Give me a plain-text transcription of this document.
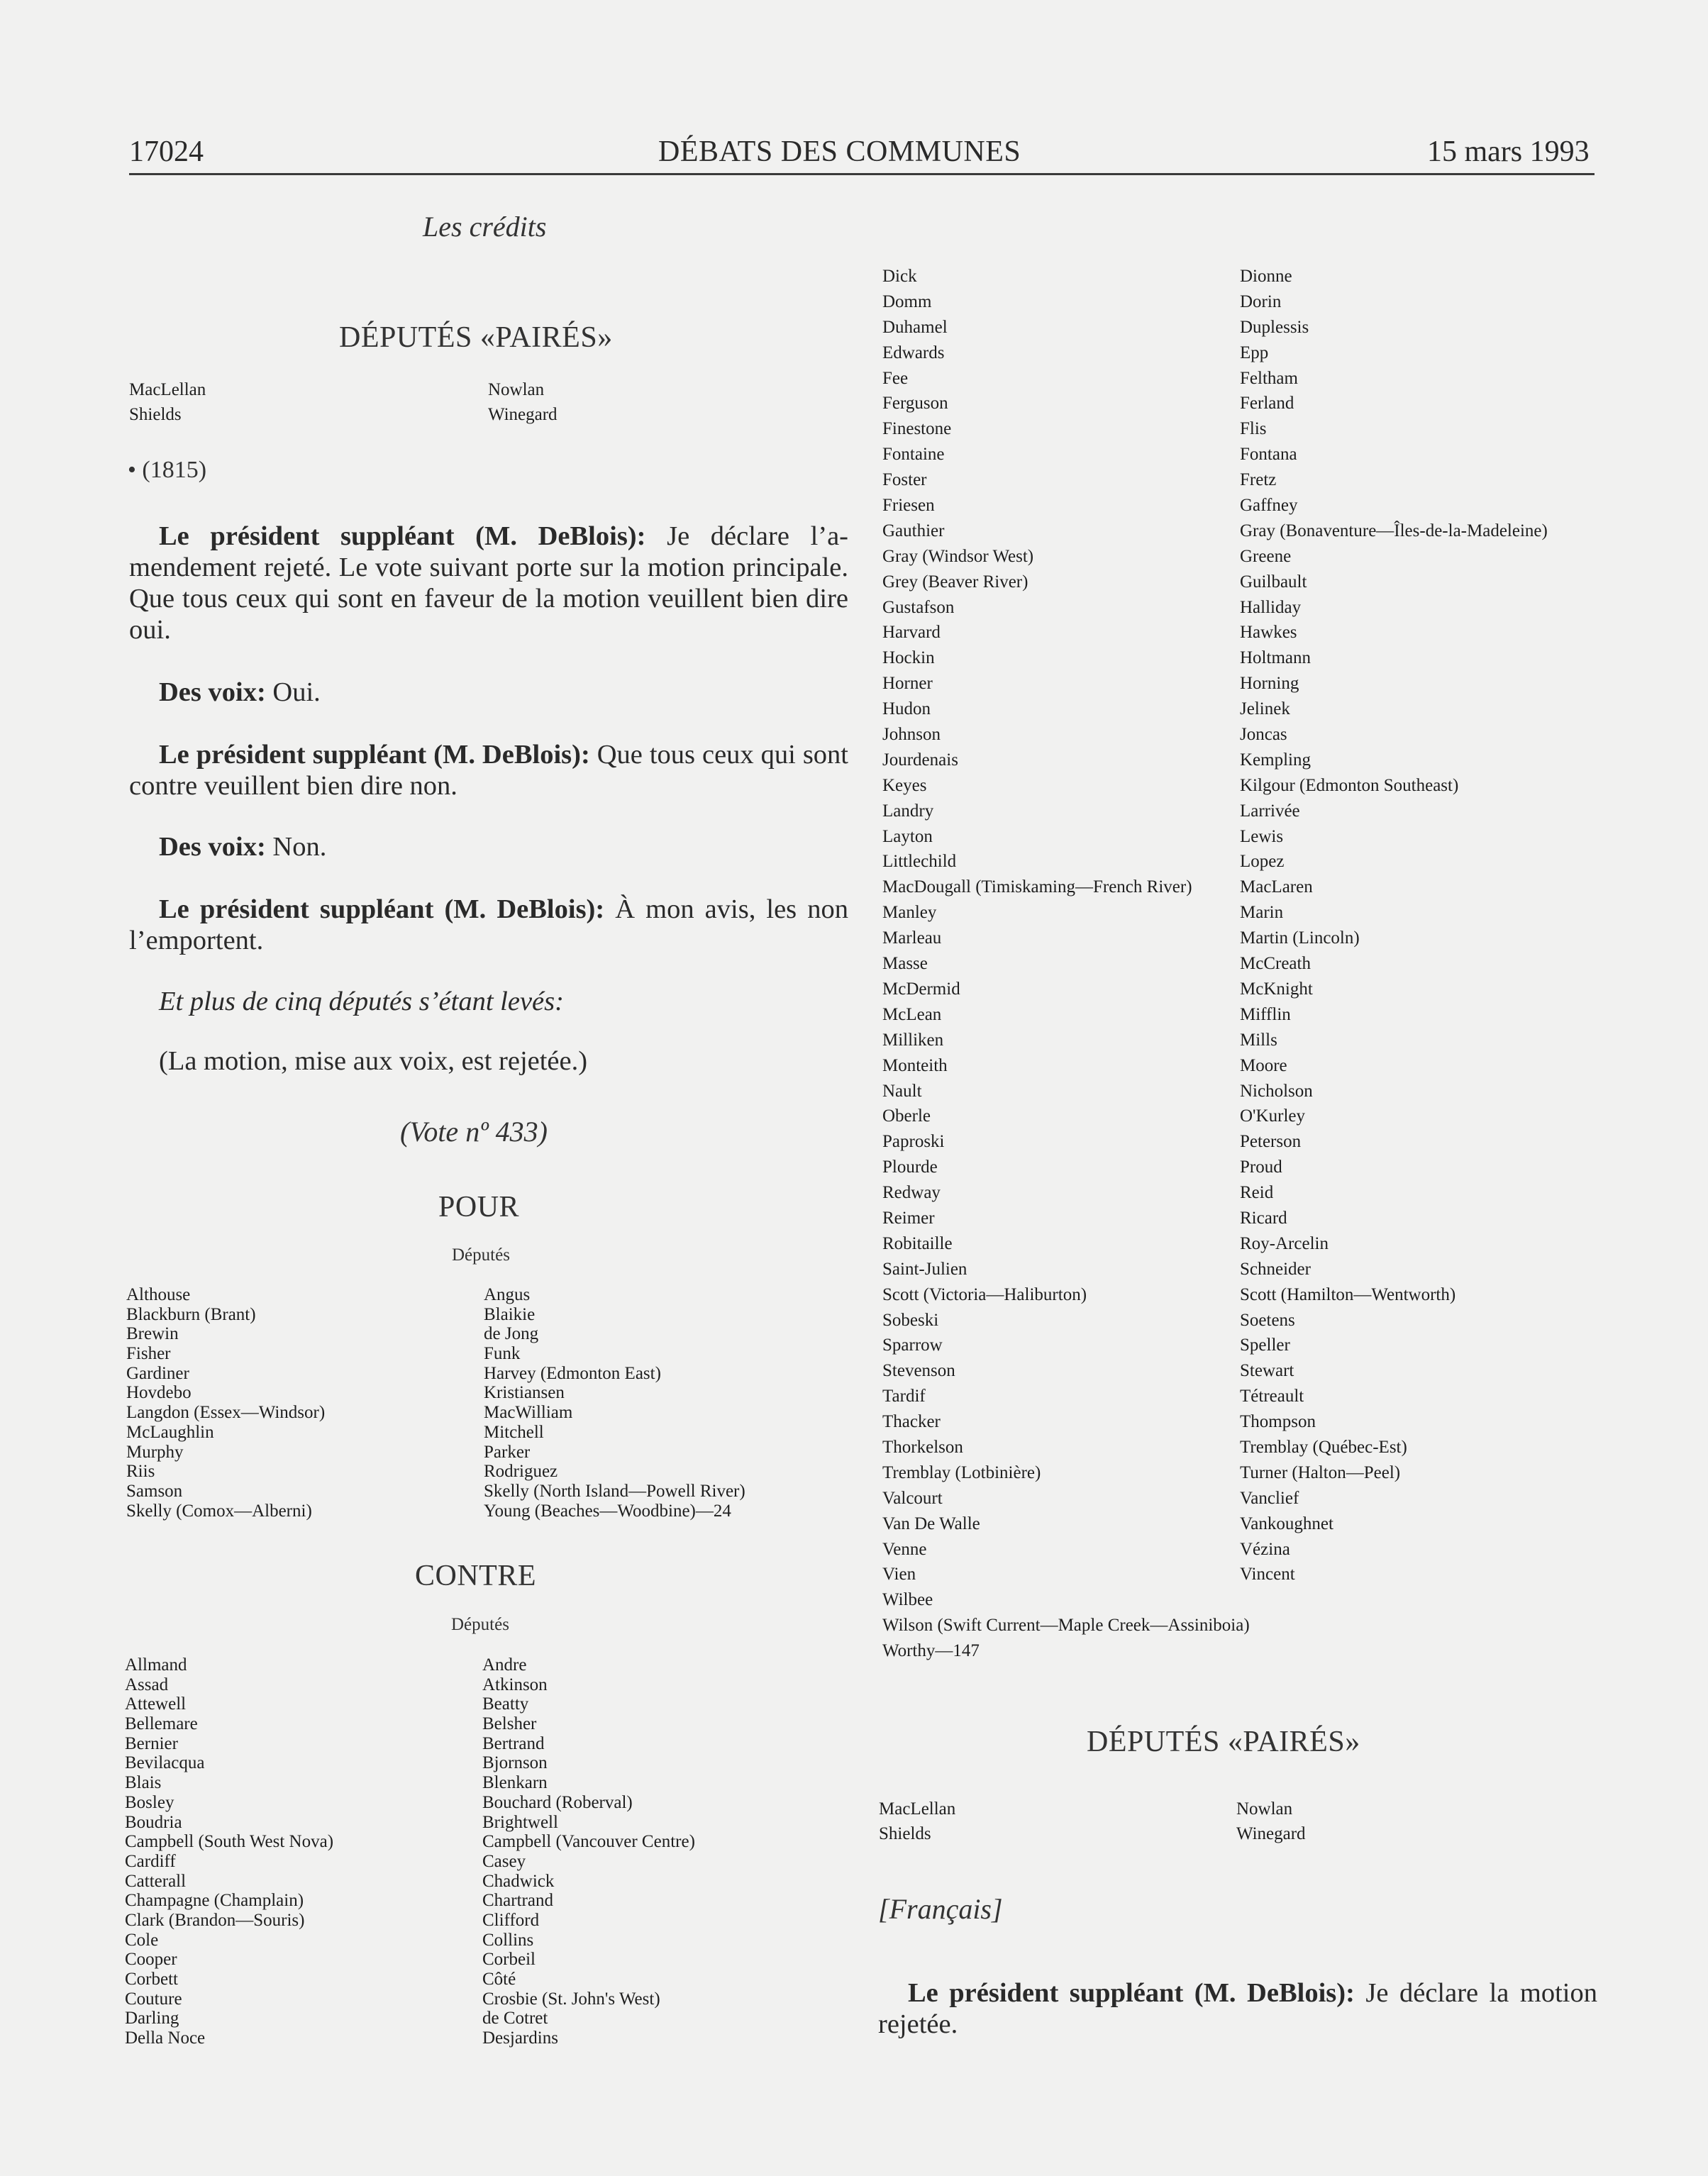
17024	DÉBATS DES COMMUNES	15 mars 1993
Les crédits
DÉPUTÉS «PAIRÉS»
MacLellan
Shields
Nowlan
Winegard
• (1815)

Le président suppléant (M. DeBlois): Je déclare l’a-mendement rejeté. Le vote suivant porte sur la motion principale. Que tous ceux qui sont en faveur de la motion veuillent bien dire oui.

Des voix: Oui.

Le président suppléant (M. DeBlois): Que tous ceux qui sont contre veuillent bien dire non.

Des voix: Non.

Le président suppléant (M. DeBlois): À mon avis, les non l’emportent.

Et plus de cinq députés s’étant levés:

(La motion, mise aux voix, est rejetée.)

(Vote nº 433)
POUR
Députés
Althouse
Blackburn (Brant)
Brewin
Fisher
Gardiner
Hovdebo
Langdon (Essex—Windsor)
McLaughlin
Murphy
Riis
Samson
Skelly (Comox—Alberni)
Angus
Blaikie
de Jong
Funk
Harvey (Edmonton East)
Kristiansen
MacWilliam
Mitchell
Parker
Rodriguez
Skelly (North Island—Powell River)
Young (Beaches—Woodbine)—24
CONTRE
Députés
Allmand
Assad
Attewell
Bellemare
Bernier
Bevilacqua
Blais
Bosley
Boudria
Campbell (South West Nova)
Cardiff
Catterall
Champagne (Champlain)
Clark (Brandon—Souris)
Cole
Cooper
Corbett
Couture
Darling
Della Noce
Andre
Atkinson
Beatty
Belsher
Bertrand
Bjornson
Blenkarn
Bouchard (Roberval)
Brightwell
Campbell (Vancouver Centre)
Casey
Chadwick
Chartrand
Clifford
Collins
Corbeil
Côté
Crosbie (St. John's West)
de Cotret
Desjardins
Dick
Domm
Duhamel
Edwards
Fee
Ferguson
Finestone
Fontaine
Foster
Friesen
Gauthier
Gray (Windsor West)
Grey (Beaver River)
Gustafson
Harvard
Hockin
Horner
Hudon
Johnson
Jourdenais
Keyes
Landry
Layton
Littlechild
MacDougall (Timiskaming—French River)
Manley
Marleau
Masse
McDermid
McLean
Milliken
Monteith
Nault
Oberle
Paproski
Plourde
Redway
Reimer
Robitaille
Saint-Julien
Scott (Victoria—Haliburton)
Sobeski
Sparrow
Stevenson
Tardif
Thacker
Thorkelson
Tremblay (Lotbinière)
Valcourt
Van De Walle
Venne
Vien
Wilbee
Wilson (Swift Current—Maple Creek—Assiniboia)
Worthy—147
Dionne
Dorin
Duplessis
Epp
Feltham
Ferland
Flis
Fontana
Fretz
Gaffney
Gray (Bonaventure—Îles-de-la-Madeleine)
Greene
Guilbault
Halliday
Hawkes
Holtmann
Horning
Jelinek
Joncas
Kempling
Kilgour (Edmonton Southeast)
Larrivée
Lewis
Lopez
MacLaren
Marin
Martin (Lincoln)
McCreath
McKnight
Mifflin
Mills
Moore
Nicholson
O'Kurley
Peterson
Proud
Reid
Ricard
Roy-Arcelin
Schneider
Scott (Hamilton—Wentworth)
Soetens
Speller
Stewart
Tétreault
Thompson
Tremblay (Québec-Est)
Turner (Halton—Peel)
Vanclief
Vankoughnet
Vézina
Vincent
DÉPUTÉS «PAIRÉS»
MacLellan
Shields
Nowlan
Winegard
[Français]

Le président suppléant (M. DeBlois): Je déclare la motion rejetée.
